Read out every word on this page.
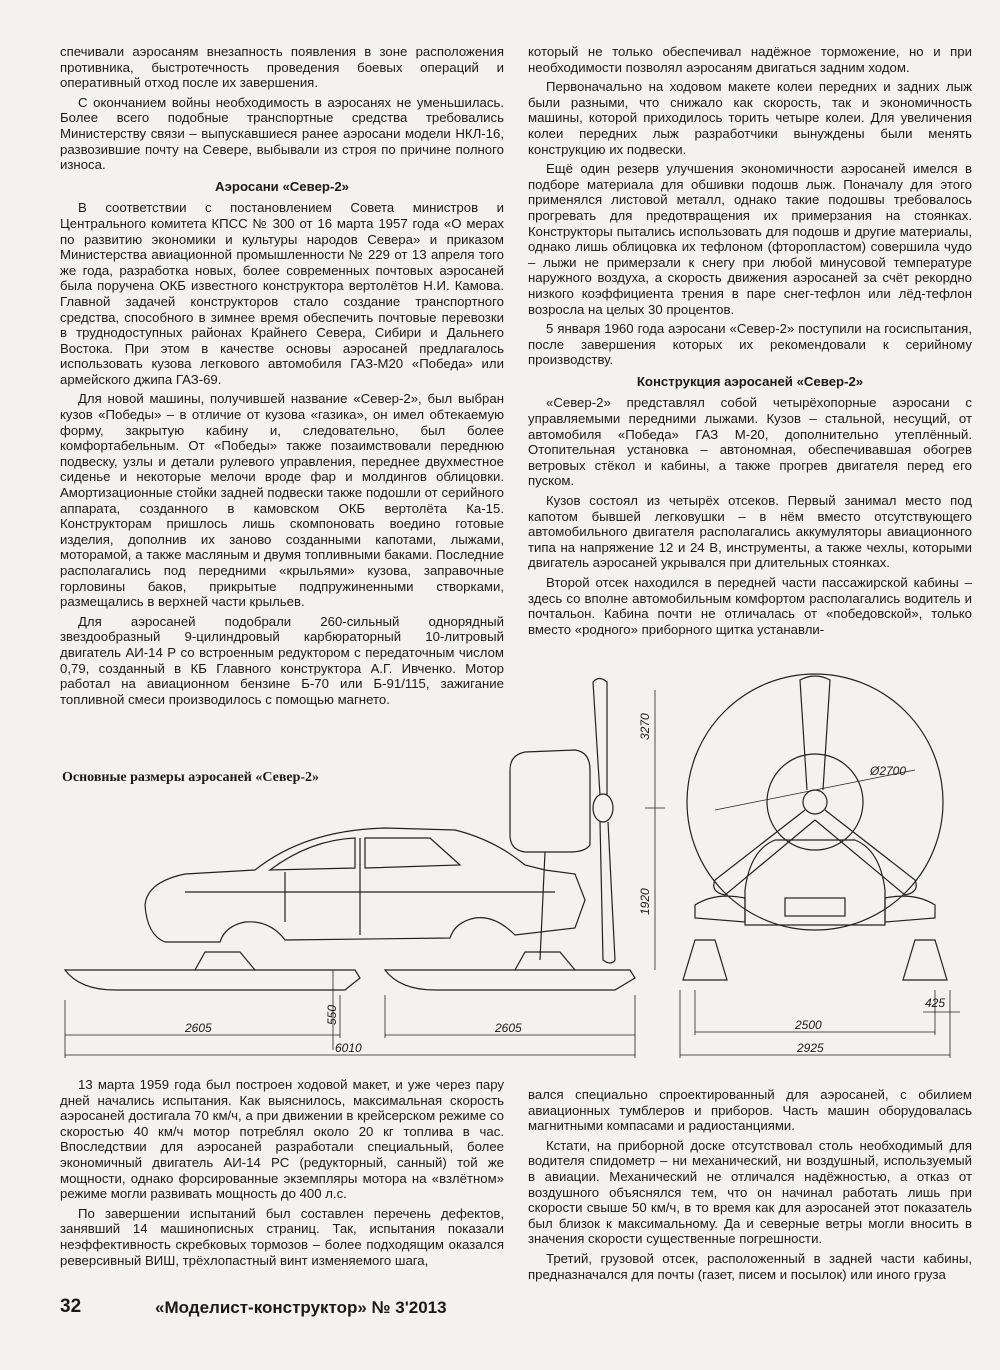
спечивали аэросаням внезапность появления в зоне расположения противника, быстротечность проведения боевых операций и оперативный отход после их завершения.

С окончанием войны необходимость в аэросанях не уменьшилась. Более всего подобные транспортные средства требовались Министерству связи – выпускавшиеся ранее аэросани модели НКЛ-16, развозившие почту на Севере, выбывали из строя по причине полного износа.

Аэросани «Север-2»

В соответствии с постановлением Совета министров и Центрального комитета КПСС № 300 от 16 марта 1957 года «О мерах по развитию экономики и культуры народов Севера» и приказом Министерства авиационной промышленности № 229 от 13 апреля того же года, разработка новых, более современных почтовых аэросаней была поручена ОКБ известного конструктора вертолётов Н.И. Камова. Главной задачей конструкторов стало создание транспортного средства, способного в зимнее время обеспечить почтовые перевозки в труднодоступных районах Крайнего Севера, Сибири и Дальнего Востока. При этом в качестве основы аэросаней предлагалось использовать кузова легкового автомобиля ГАЗ-М20 «Победа» или армейского джипа ГАЗ-69.

Для новой машины, получившей название «Север-2», был выбран кузов «Победы» – в отличие от кузова «газика», он имел обтекаемую форму, закрытую кабину и, следовательно, был более комфортабельным. От «Победы» также позаимствовали переднюю подвеску, узлы и детали рулевого управления, переднее двухместное сиденье и некоторые мелочи вроде фар и молдингов облицовки. Амортизационные стойки задней подвески также подошли от серийного аппарата, созданного в камовском ОКБ вертолёта Ка-15. Конструкторам пришлось лишь скомпоновать воедино готовые изделия, дополнив их заново созданными капотами, лыжами, моторамой, а также масляным и двумя топливными баками. Последние располагались под передними «крыльями» кузова, заправочные горловины баков, прикрытые подпружиненными створками, размещались в верхней части крыльев.

Для аэросаней подобрали 260-сильный однорядный звездообразный 9-цилиндровый карбюраторный 10-литровый двигатель АИ-14 Р со встроенным редуктором с передаточным числом 0,79, созданный в КБ Главного конструктора А.Г. Ивченко. Мотор работал на авиационном бензине Б-70 или Б-91/115, зажигание топливной смеси производилось с помощью магнето.

который не только обеспечивал надёжное торможение, но и при необходимости позволял аэросаням двигаться задним ходом.

Первоначально на ходовом макете колеи передних и задних лыж были разными, что снижало как скорость, так и экономичность машины, которой приходилось торить четыре колеи. Для увеличения колеи передних лыж разработчики вынуждены были менять конструкцию их подвески.

Ещё один резерв улучшения экономичности аэросаней имелся в подборе материала для обшивки подошв лыж. Поначалу для этого применялся листовой металл, однако такие подошвы требовалось прогревать для предотвращения их примерзания на стоянках. Конструкторы пытались использовать для подошв и другие материалы, однако лишь облицовка их тефлоном (фторопластом) совершила чудо – лыжи не примерзали к снегу при любой минусовой температуре наружного воздуха, а скорость движения аэросаней за счёт рекордно низкого коэффициента трения в паре снег-тефлон или лёд-тефлон возросла на целых 30 процентов.

5 января 1960 года аэросани «Север-2» поступили на госиспытания, после завершения которых их рекомендовали к серийному производству.

Конструкция аэросаней «Север-2»

«Север-2» представлял собой четырёхопорные аэросани с управляемыми передними лыжами. Кузов – стальной, несущий, от автомобиля «Победа» ГАЗ М-20, дополнительно утеплённый. Отопительная установка – автономная, обеспечивавшая обогрев ветровых стёкол и кабины, а также прогрев двигателя перед его пуском.

Кузов состоял из четырёх отсеков. Первый занимал место под капотом бывшей легковушки – в нём вместо отсутствующего автомобильного двигателя располагались аккумуляторы авиационного типа на напряжение 12 и 24 В, инструменты, а также чехлы, которыми двигатель аэросаней укрывался при длительных стоянках.

Второй отсек находился в передней части пассажирской кабины – здесь со вполне автомобильным комфортом располагались водитель и почтальон. Кабина почти не отличалась от «победовской», только вместо «родного» приборного щитка устанавли-

Основные размеры аэросаней «Север-2»
3270
1920
550
2605	2605
6010
Ø2700
2500
425
2925

13 марта 1959 года был построен ходовой макет, и уже через пару дней начались испытания. Как выяснилось, максимальная скорость аэросаней достигала 70 км/ч, а при движении в крейсерском режиме со скоростью 40 км/ч мотор потреблял около 20 кг топлива в час. Впоследствии для аэросаней разработали специальный, более экономичный двигатель АИ-14 РС (редукторный, санный) той же мощности, однако форсированные экземпляры мотора на «взлётном» режиме могли развивать мощность до 400 л.с.

По завершении испытаний был составлен перечень дефектов, занявший 14 машинописных страниц. Так, испытания показали неэффективность скребковых тормозов – более подходящим оказался реверсивный ВИШ, трёхлопастный винт изменяемого шага,

вался специально спроектированный для аэросаней, с обилием авиационных тумблеров и приборов. Часть машин оборудовалась магнитными компасами и радиостанциями.

Кстати, на приборной доске отсутствовал столь необходимый для водителя спидометр – ни механический, ни воздушный, используемый в авиации. Механический не отличался надёжностью, а отказ от воздушного объяснялся тем, что он начинал работать лишь при скорости свыше 50 км/ч, в то время как для аэросаней этот показатель был близок к максимальному. Да и северные ветры могли вносить в значения скорости существенные погрешности.

Третий, грузовой отсек, расположенный в задней части кабины, предназначался для почты (газет, писем и посылок) или иного груза

32	«Моделист-конструктор» № 3'2013
